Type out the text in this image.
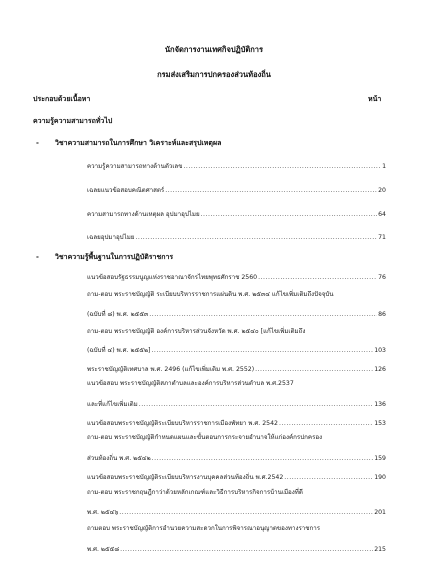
นักจัดการงานเทศกิจปฏิบัติการ
กรมส่งเสริมการปกครองส่วนท้องถิ่น
ประกอบด้วยเนื้อหา	หน้า
ความรู้ความสามารถทั่วไป
- วิชาความสามารถในการศึกษา วิเคราะห์และสรุปเหตุผล
ความรู้ความสามารถทางด้านตัวเลข .....	1
เฉลยแนวข้อสอบคณิตศาสตร์ .....	20
ความสามารถทางด้านเหตุผล อุปมาอุปไมย .....	64
เฉลยอุปมาอุปไมย .....	71
- วิชาความรู้พื้นฐานในการปฏิบัติราชการ
แนวข้อสอบรัฐธรรมนูญแห่งราชอาณาจักรไทยพุทธศักราช 2560 .....	76
ถาม-ตอบ พระราชบัญญัติ ระเบียบบริหารราชการแผ่นดิน พ.ศ. ๒๕๓๔ แก้ไขเพิ่มเติมถึงปัจจุบัน
(ฉบับที่ ๘) พ.ศ. ๒๕๕๓ .....	86
ถาม-ตอบ พระราชบัญญัติ องค์การบริหารส่วนจังหวัด พ.ศ. ๒๕๔๐ [แก้ไขเพิ่มเติมถึง
(ฉบับที่ ๔) พ.ศ. ๒๕๕๒] .....	103
พระราชบัญญัติเทศบาล พ.ศ. 2496 (แก้ไขเพิ่มเติม พ.ศ. 2552) .....	126
แนวข้อสอบ พระราชบัญญัติสภาตำบลและองค์การบริหารส่วนตำบล พ.ศ.2537
และที่แก้ไขเพิ่มเติม .....	136
แนวข้อสอบพระราชบัญญัติระเบียบบริหารราชการเมืองพัทยา พ.ศ. 2542 .....	153
ถาม-ตอบ พระราชบัญญัติกำหนดแผนและขั้นตอนการกระจายอำนาจให้แก่องค์กรปกครอง
ส่วนท้องถิ่น พ.ศ. ๒๕๔๒ .....	159
แนวข้อสอบพระราชบัญญัติระเบียบบริหารงานบุคคลส่วนท้องถิ่น พ.ศ.2542 .....	190
ถาม-ตอบ พระราชกฤษฎีกาว่าด้วยหลักเกณฑ์และวิธีการบริหารกิจการบ้านเมืองที่ดี
พ.ศ. ๒๕๔๖ .....	201
ถามตอบ พระราชบัญญัติการอำนวยความสะดวกในการพิจารณาอนุญาตของทางราชการ
พ.ศ. ๒๕๕๘ .....	215
